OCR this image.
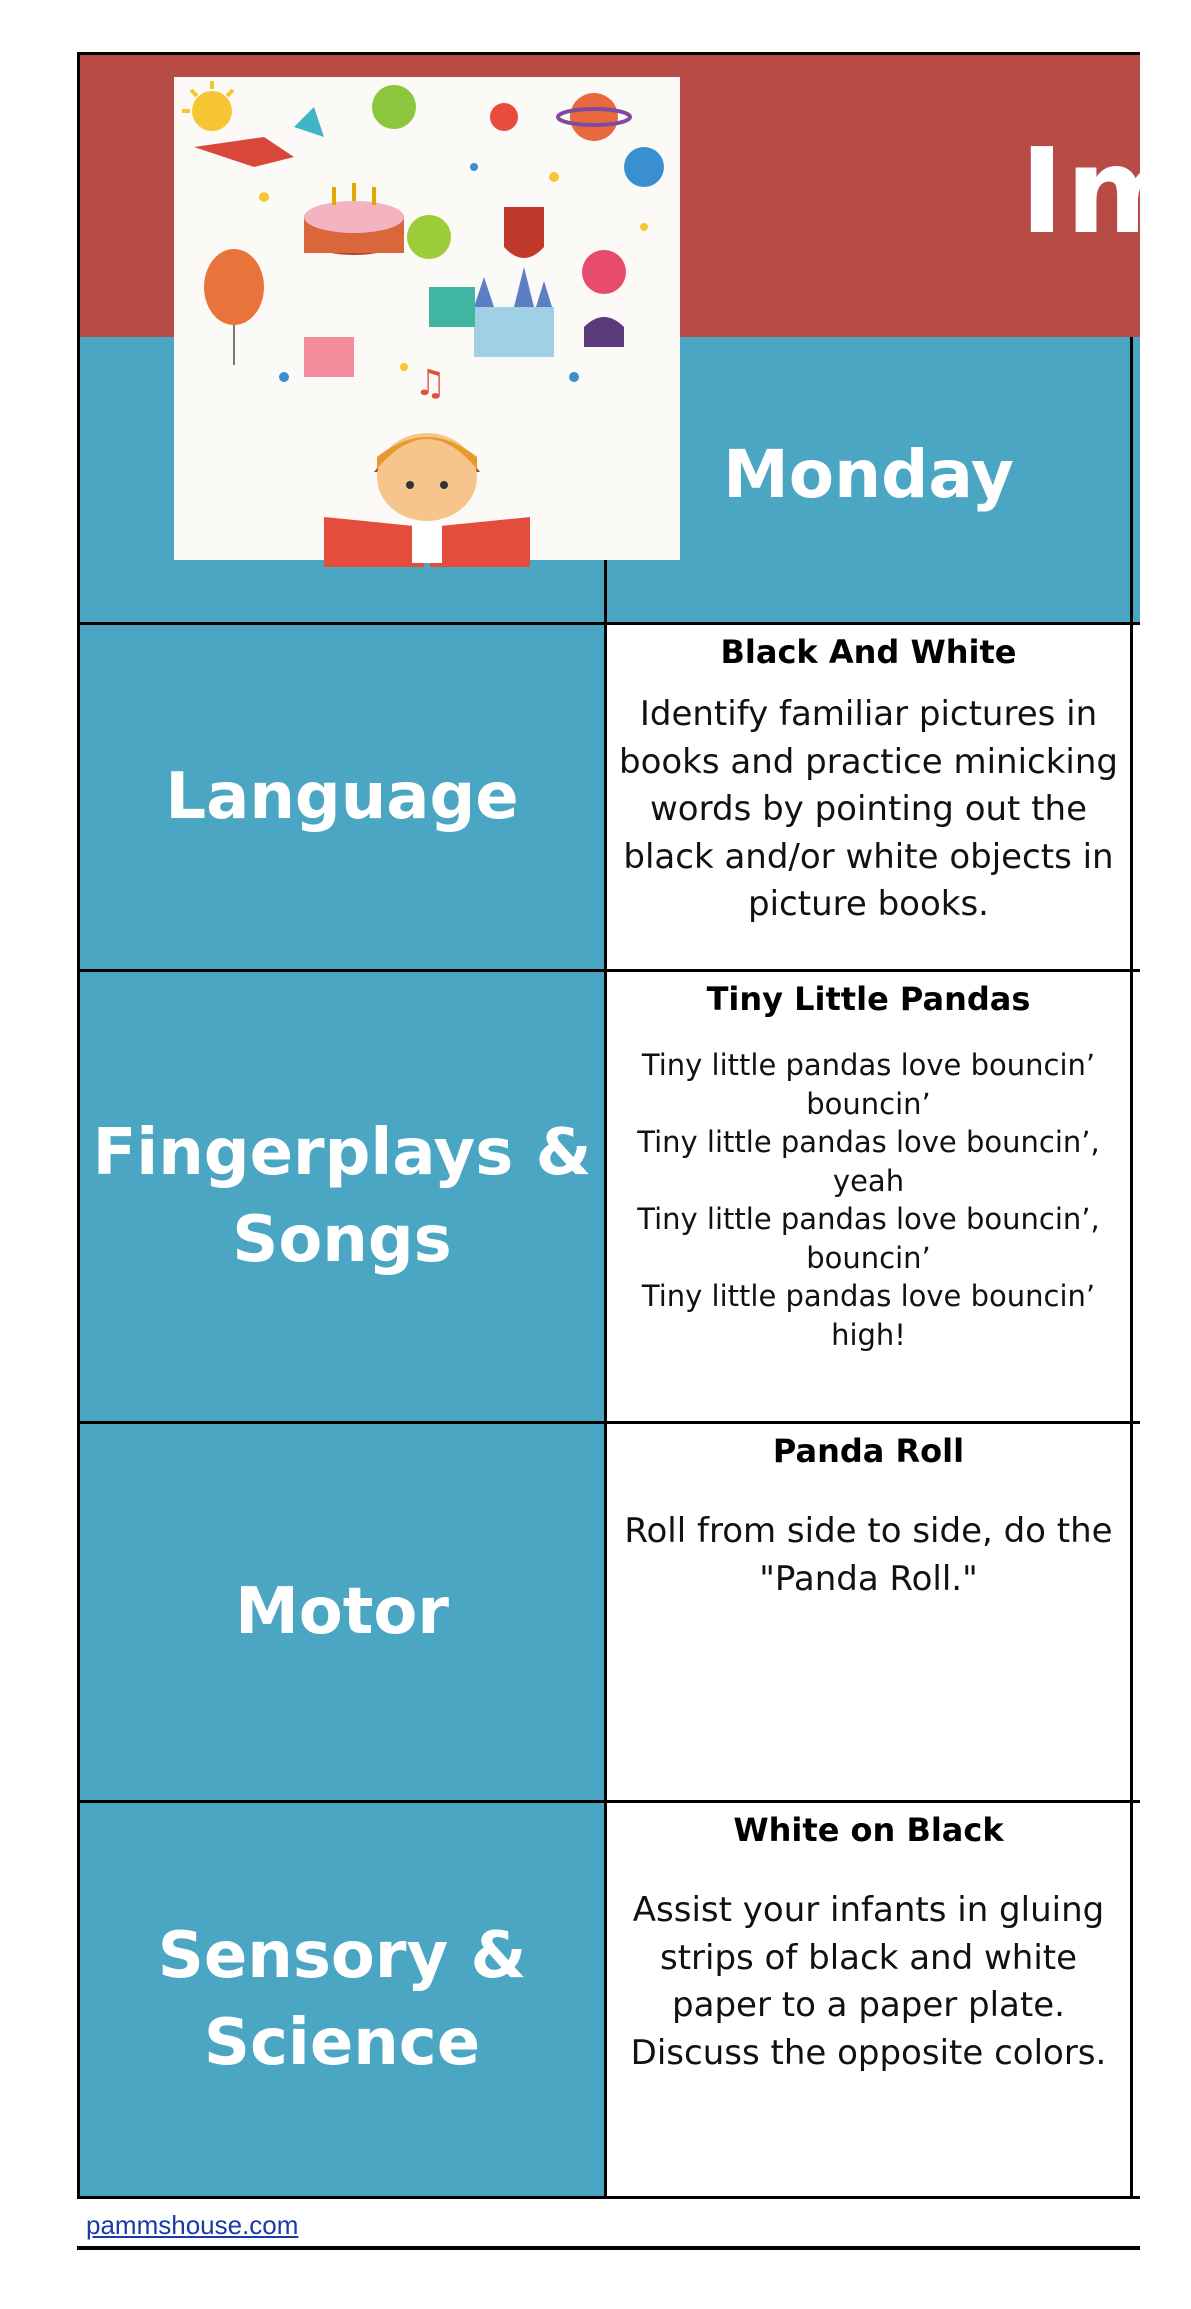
Im
Monday
Language
Black And White
Identify familiar pictures in books and practice minicking words by pointing out the black and/or white objects in picture books.
Fingerplays & Songs
Tiny Little Pandas
Tiny little pandas love bouncin’ bouncin’
Tiny little pandas love bouncin’, yeah
Tiny little pandas love bouncin’, bouncin’
Tiny little pandas love bouncin’ high!
Motor
Panda Roll
Roll from side to side, do the "Panda Roll."
Sensory & Science
White on Black
Assist your infants in gluing strips of black and white paper to a paper plate. Discuss the opposite colors.
♫
pammshouse.com
